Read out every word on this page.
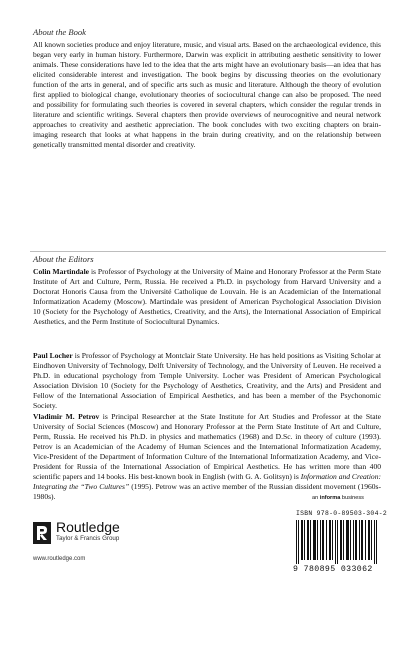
About the Book

All known societies produce and enjoy literature, music, and visual arts. Based on the archaeological evidence, this began very early in human history. Furthermore, Darwin was explicit in attributing aesthetic sensitivity to lower animals. These considerations have led to the idea that the arts might have an evolutionary basis—an idea that has elicited considerable interest and investigation. The book begins by discussing theories on the evolutionary function of the arts in general, and of specific arts such as music and literature. Although the theory of evolution first applied to biological change, evolutionary theories of sociocultural change can also be proposed. The need and possibility for formulating such theories is covered in several chapters, which consider the regular trends in literature and scientific writings. Several chapters then provide overviews of neurocognitive and neural network approaches to creativity and aesthetic appreciation. The book concludes with two exciting chapters on brain-imaging research that looks at what happens in the brain during creativity, and on the relationship between genetically transmitted mental disorder and creativity.

About the Editors

Colin Martindale is Professor of Psychology at the University of Maine and Honorary Professor at the Perm State Institute of Art and Culture, Perm, Russia. He received a Ph.D. in psychology from Harvard University and a Doctorat Honoris Causa from the Université Catholique de Louvain. He is an Academician of the International Informatization Academy (Moscow). Martindale was president of American Psychological Association Division 10 (Society for the Psychology of Aesthetics, Creativity, and the Arts), the International Association of Empirical Aesthetics, and the Perm Institute of Sociocultural Dynamics.

Paul Locher is Professor of Psychology at Montclair State University. He has held positions as Visiting Scholar at Eindhoven University of Technology, Delft University of Technology, and the University of Leuven. He received a Ph.D. in educational psychology from Temple University. Locher was President of American Psychological Association Division 10 (Society for the Psychology of Aesthetics, Creativity, and the Arts) and President and Fellow of the International Association of Empirical Aesthetics, and has been a member of the Psychonomic Society.

Vladimir M. Petrov is Principal Researcher at the State Institute for Art Studies and Professor at the State University of Social Sciences (Moscow) and Honorary Professor at the Perm State Institute of Art and Culture, Perm, Russia. He received his Ph.D. in physics and mathematics (1968) and D.Sc. in theory of culture (1993). Petrov is an Academician of the Academy of Human Sciences and the International Informatization Academy, Vice-President of the Department of Information Culture of the International Informatization Academy, and Vice-President for Russia of the International Association of Empirical Aesthetics. He has written more than 400 scientific papers and 14 books. His best-known book in English (with G. A. Golitsyn) is Information and Creation: Integrating the “Two Cultures” (1995). Petrow was an active member of the Russian dissident movement (1960s-1980s).	an informa business
Routledge
Taylor & Francis Group
www.routledge.com
ISBN 978-0-89503-304-2
9 780895 033062
